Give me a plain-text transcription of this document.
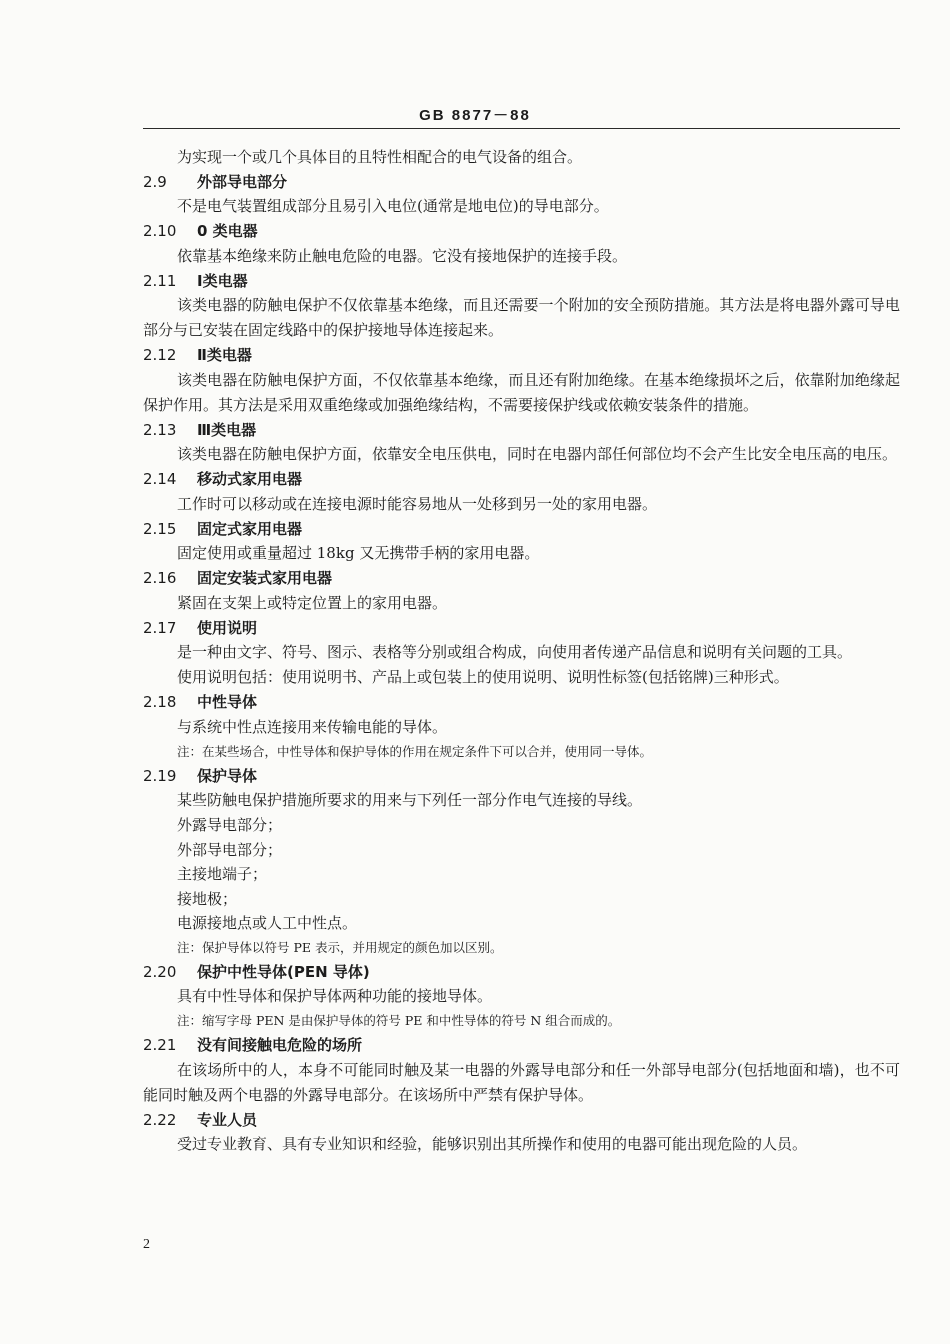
GB 8877－88
为实现一个或几个具体目的且特性相配合的电气设备的组合。
2.9 外部导电部分
不是电气装置组成部分且易引入电位(通常是地电位)的导电部分。
2.10 0 类电器
依靠基本绝缘来防止触电危险的电器。它没有接地保护的连接手段。
2.11 Ⅰ类电器
该类电器的防触电保护不仅依靠基本绝缘，而且还需要一个附加的安全预防措施。其方法是将电器外露可导电部分与已安装在固定线路中的保护接地导体连接起来。
2.12 Ⅱ类电器
该类电器在防触电保护方面，不仅依靠基本绝缘，而且还有附加绝缘。在基本绝缘损坏之后，依靠附加绝缘起保护作用。其方法是采用双重绝缘或加强绝缘结构，不需要接保护线或依赖安装条件的措施。
2.13 Ⅲ类电器
该类电器在防触电保护方面，依靠安全电压供电，同时在电器内部任何部位均不会产生比安全电压高的电压。
2.14 移动式家用电器
工作时可以移动或在连接电源时能容易地从一处移到另一处的家用电器。
2.15 固定式家用电器
固定使用或重量超过 18kg 又无携带手柄的家用电器。
2.16 固定安装式家用电器
紧固在支架上或特定位置上的家用电器。
2.17 使用说明
是一种由文字、符号、图示、表格等分别或组合构成，向使用者传递产品信息和说明有关问题的工具。
使用说明包括：使用说明书、产品上或包装上的使用说明、说明性标签(包括铭牌)三种形式。
2.18 中性导体
与系统中性点连接用来传输电能的导体。
注：在某些场合，中性导体和保护导体的作用在规定条件下可以合并，使用同一导体。
2.19 保护导体
某些防触电保护措施所要求的用来与下列任一部分作电气连接的导线。
外露导电部分；
外部导电部分；
主接地端子；
接地极；
电源接地点或人工中性点。
注：保护导体以符号 PE 表示，并用规定的颜色加以区别。
2.20 保护中性导体(PEN 导体)
具有中性导体和保护导体两种功能的接地导体。
注：缩写字母 PEN 是由保护导体的符号 PE 和中性导体的符号 N 组合而成的。
2.21 没有间接触电危险的场所
在该场所中的人，本身不可能同时触及某一电器的外露导电部分和任一外部导电部分(包括地面和墙)，也不可能同时触及两个电器的外露导电部分。在该场所中严禁有保护导体。
2.22 专业人员
受过专业教育、具有专业知识和经验，能够识别出其所操作和使用的电器可能出现危险的人员。
2
